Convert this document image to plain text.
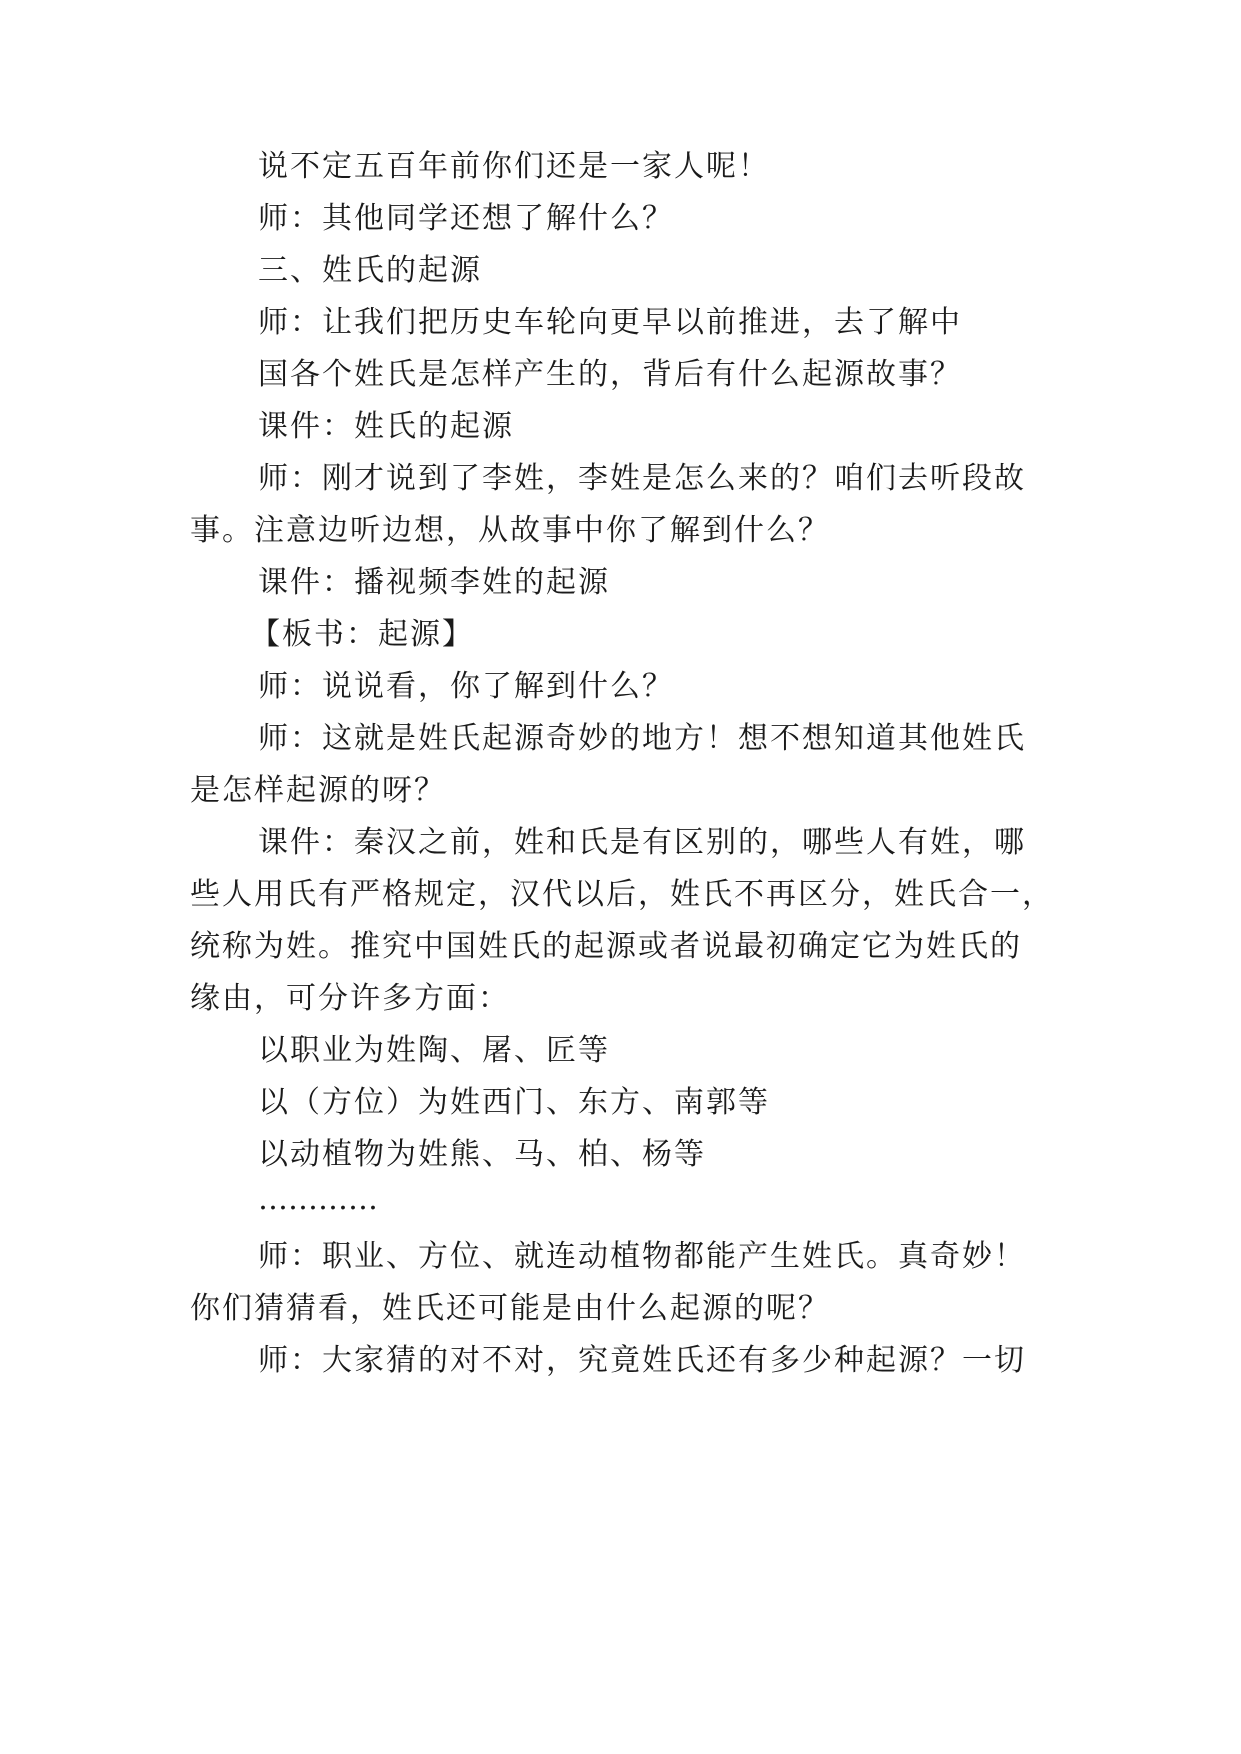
说不定五百年前你们还是一家人呢！
师：其他同学还想了解什么？
三、姓氏的起源
师：让我们把历史车轮向更早以前推进，去了解中
国各个姓氏是怎样产生的，背后有什么起源故事？
课件：姓氏的起源
师：刚才说到了李姓，李姓是怎么来的？咱们去听段故
事。注意边听边想，从故事中你了解到什么？
课件：播视频李姓的起源
【板书：起源】
师：说说看，你了解到什么？
师：这就是姓氏起源奇妙的地方！想不想知道其他姓氏
是怎样起源的呀？
课件：秦汉之前，姓和氏是有区别的，哪些人有姓，哪
些人用氏有严格规定，汉代以后，姓氏不再区分，姓氏合一，
统称为姓。推究中国姓氏的起源或者说最初确定它为姓氏的
缘由，可分许多方面：
以职业为姓陶、屠、匠等
以（方位）为姓西门、东方、南郭等
以动植物为姓熊、马、柏、杨等
…………
师：职业、方位、就连动植物都能产生姓氏。真奇妙！
你们猜猜看，姓氏还可能是由什么起源的呢？
师：大家猜的对不对，究竟姓氏还有多少种起源？一切
